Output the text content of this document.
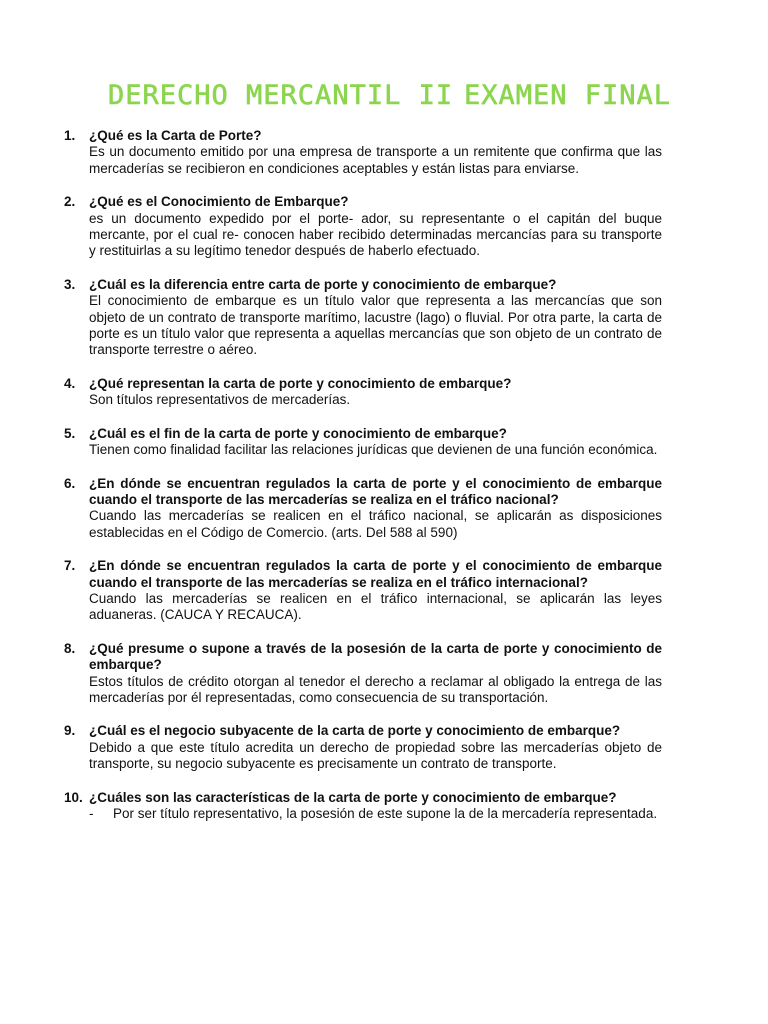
DERECHO MERCANTIL II EXAMEN FINAL
1. ¿Qué es la Carta de Porte?
Es un documento emitido por una empresa de transporte a un remitente que confirma que las mercaderías se recibieron en condiciones aceptables y están listas para enviarse.
2. ¿Qué es el Conocimiento de Embarque?
es un documento expedido por el porte- ador, su representante o el capitán del buque mercante, por el cual re- conocen haber recibido determinadas mercancías para su transporte y restituirlas a su legítimo tenedor después de haberlo efectuado.
3. ¿Cuál es la diferencia entre carta de porte y conocimiento de embarque?
El conocimiento de embarque es un título valor que representa a las mercancías que son objeto de un contrato de transporte marítimo, lacustre (lago) o fluvial. Por otra parte, la carta de porte es un título valor que representa a aquellas mercancías que son objeto de un contrato de transporte terrestre o aéreo.
4. ¿Qué representan la carta de porte y conocimiento de embarque?
Son títulos representativos de mercaderías.
5. ¿Cuál es el fin de la carta de porte y conocimiento de embarque?
Tienen como finalidad facilitar las relaciones jurídicas que devienen de una función económica.
6. ¿En dónde se encuentran regulados la carta de porte y el conocimiento de embarque cuando el transporte de las mercaderías se realiza en el tráfico nacional?
Cuando las mercaderías se realicen en el tráfico nacional, se aplicarán as disposiciones establecidas en el Código de Comercio. (arts. Del 588 al 590)
7. ¿En dónde se encuentran regulados la carta de porte y el conocimiento de embarque cuando el transporte de las mercaderías se realiza en el tráfico internacional?
Cuando las mercaderías se realicen en el tráfico internacional, se aplicarán las leyes aduaneras. (CAUCA Y RECAUCA).
8. ¿Qué presume o supone a través de la posesión de la carta de porte y conocimiento de embarque?
Estos títulos de crédito otorgan al tenedor el derecho a reclamar al obligado la entrega de las mercaderías por él representadas, como consecuencia de su transportación.
9. ¿Cuál es el negocio subyacente de la carta de porte y conocimiento de embarque?
Debido a que este título acredita un derecho de propiedad sobre las mercaderías objeto de transporte, su negocio subyacente es precisamente un contrato de transporte.
10. ¿Cuáles son las características de la carta de porte y conocimiento de embarque?
- Por ser título representativo, la posesión de este supone la de la mercadería representada.
